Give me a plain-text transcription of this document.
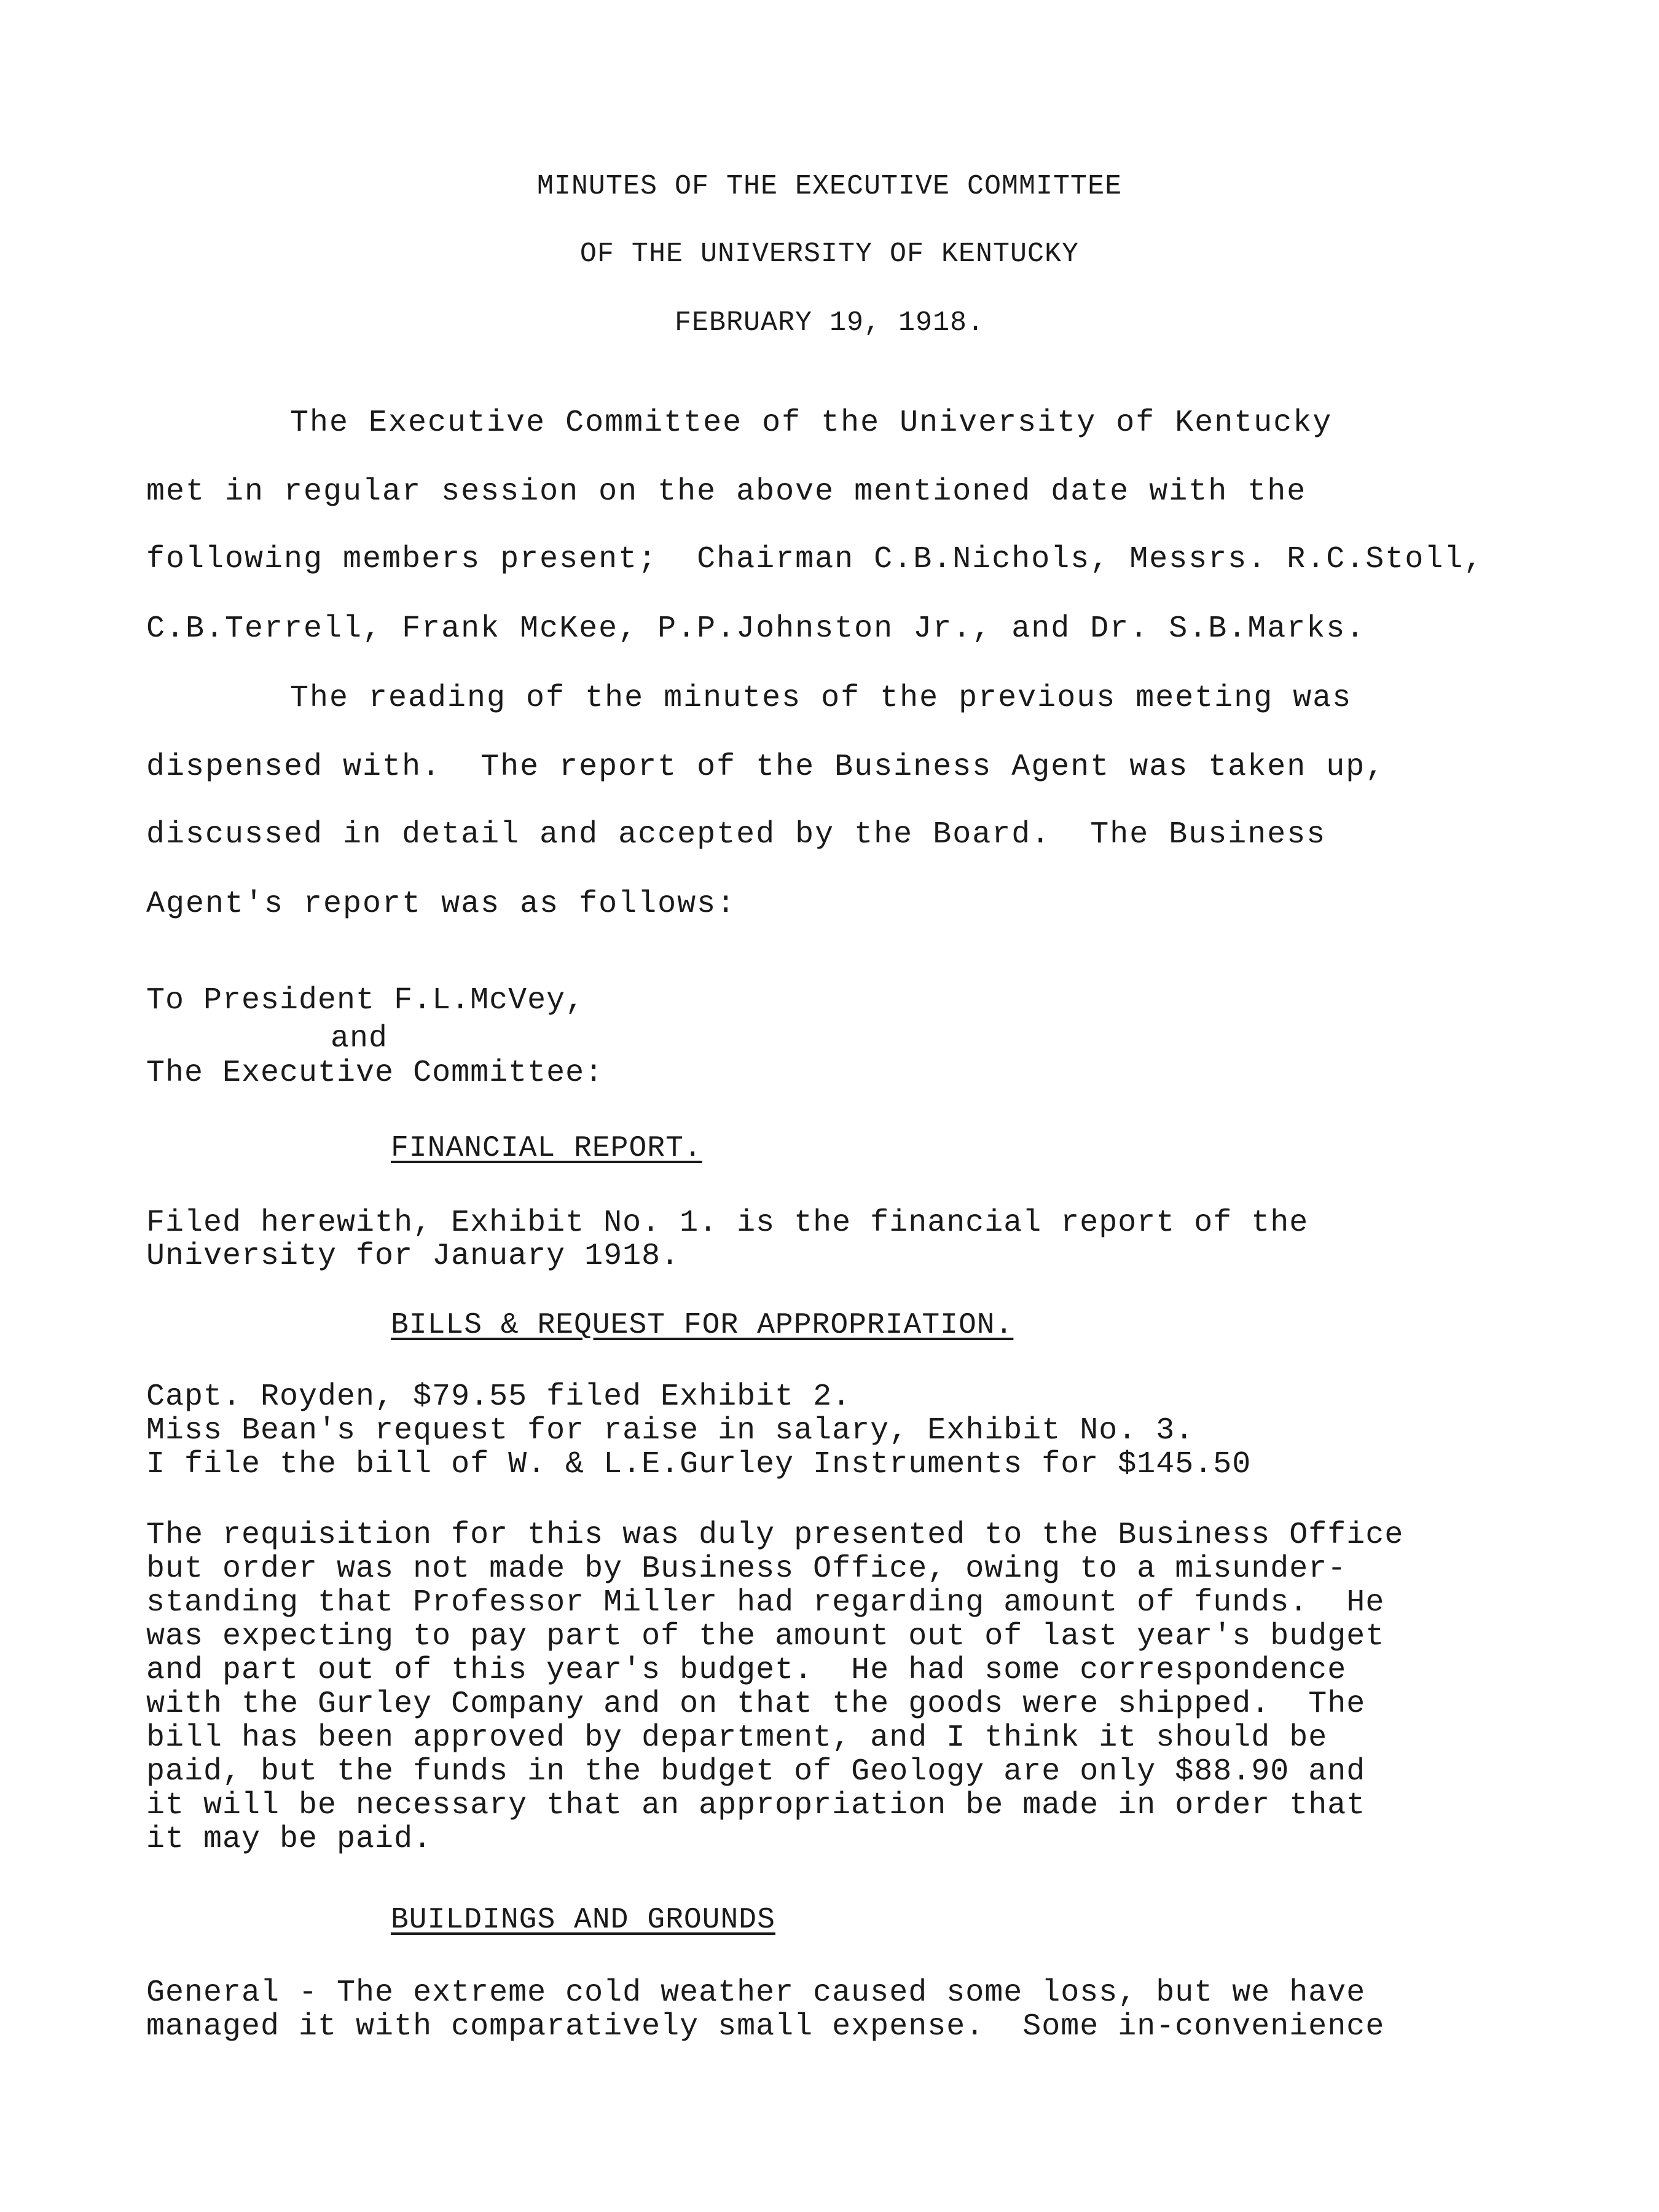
MINUTES OF THE EXECUTIVE COMMITTEE
OF THE UNIVERSITY OF KENTUCKY
FEBRUARY 19, 1918.
The Executive Committee of the University of Kentucky
met in regular session on the above mentioned date with the
following members present;  Chairman C.B.Nichols, Messrs. R.C.Stoll,
C.B.Terrell, Frank McKee, P.P.Johnston Jr., and Dr. S.B.Marks.
The reading of the minutes of the previous meeting was
dispensed with.  The report of the Business Agent was taken up,
discussed in detail and accepted by the Board.  The Business
Agent's report was as follows:
To President F.L.McVey,
and
The Executive Committee:
FINANCIAL REPORT.
Filed herewith, Exhibit No. 1. is the financial report of the
University for January 1918.
BILLS & REQUEST FOR APPROPRIATION.
Capt. Royden, $79.55 filed Exhibit 2.
Miss Bean's request for raise in salary, Exhibit No. 3.
I file the bill of W. & L.E.Gurley Instruments for $145.50
The requisition for this was duly presented to the Business Office
but order was not made by Business Office, owing to a misunder-
standing that Professor Miller had regarding amount of funds.  He
was expecting to pay part of the amount out of last year's budget
and part out of this year's budget.  He had some correspondence
with the Gurley Company and on that the goods were shipped.  The
bill has been approved by department, and I think it should be
paid, but the funds in the budget of Geology are only $88.90 and
it will be necessary that an appropriation be made in order that
it may be paid.
BUILDINGS AND GROUNDS
General - The extreme cold weather caused some loss, but we have
managed it with comparatively small expense.  Some in-convenience
